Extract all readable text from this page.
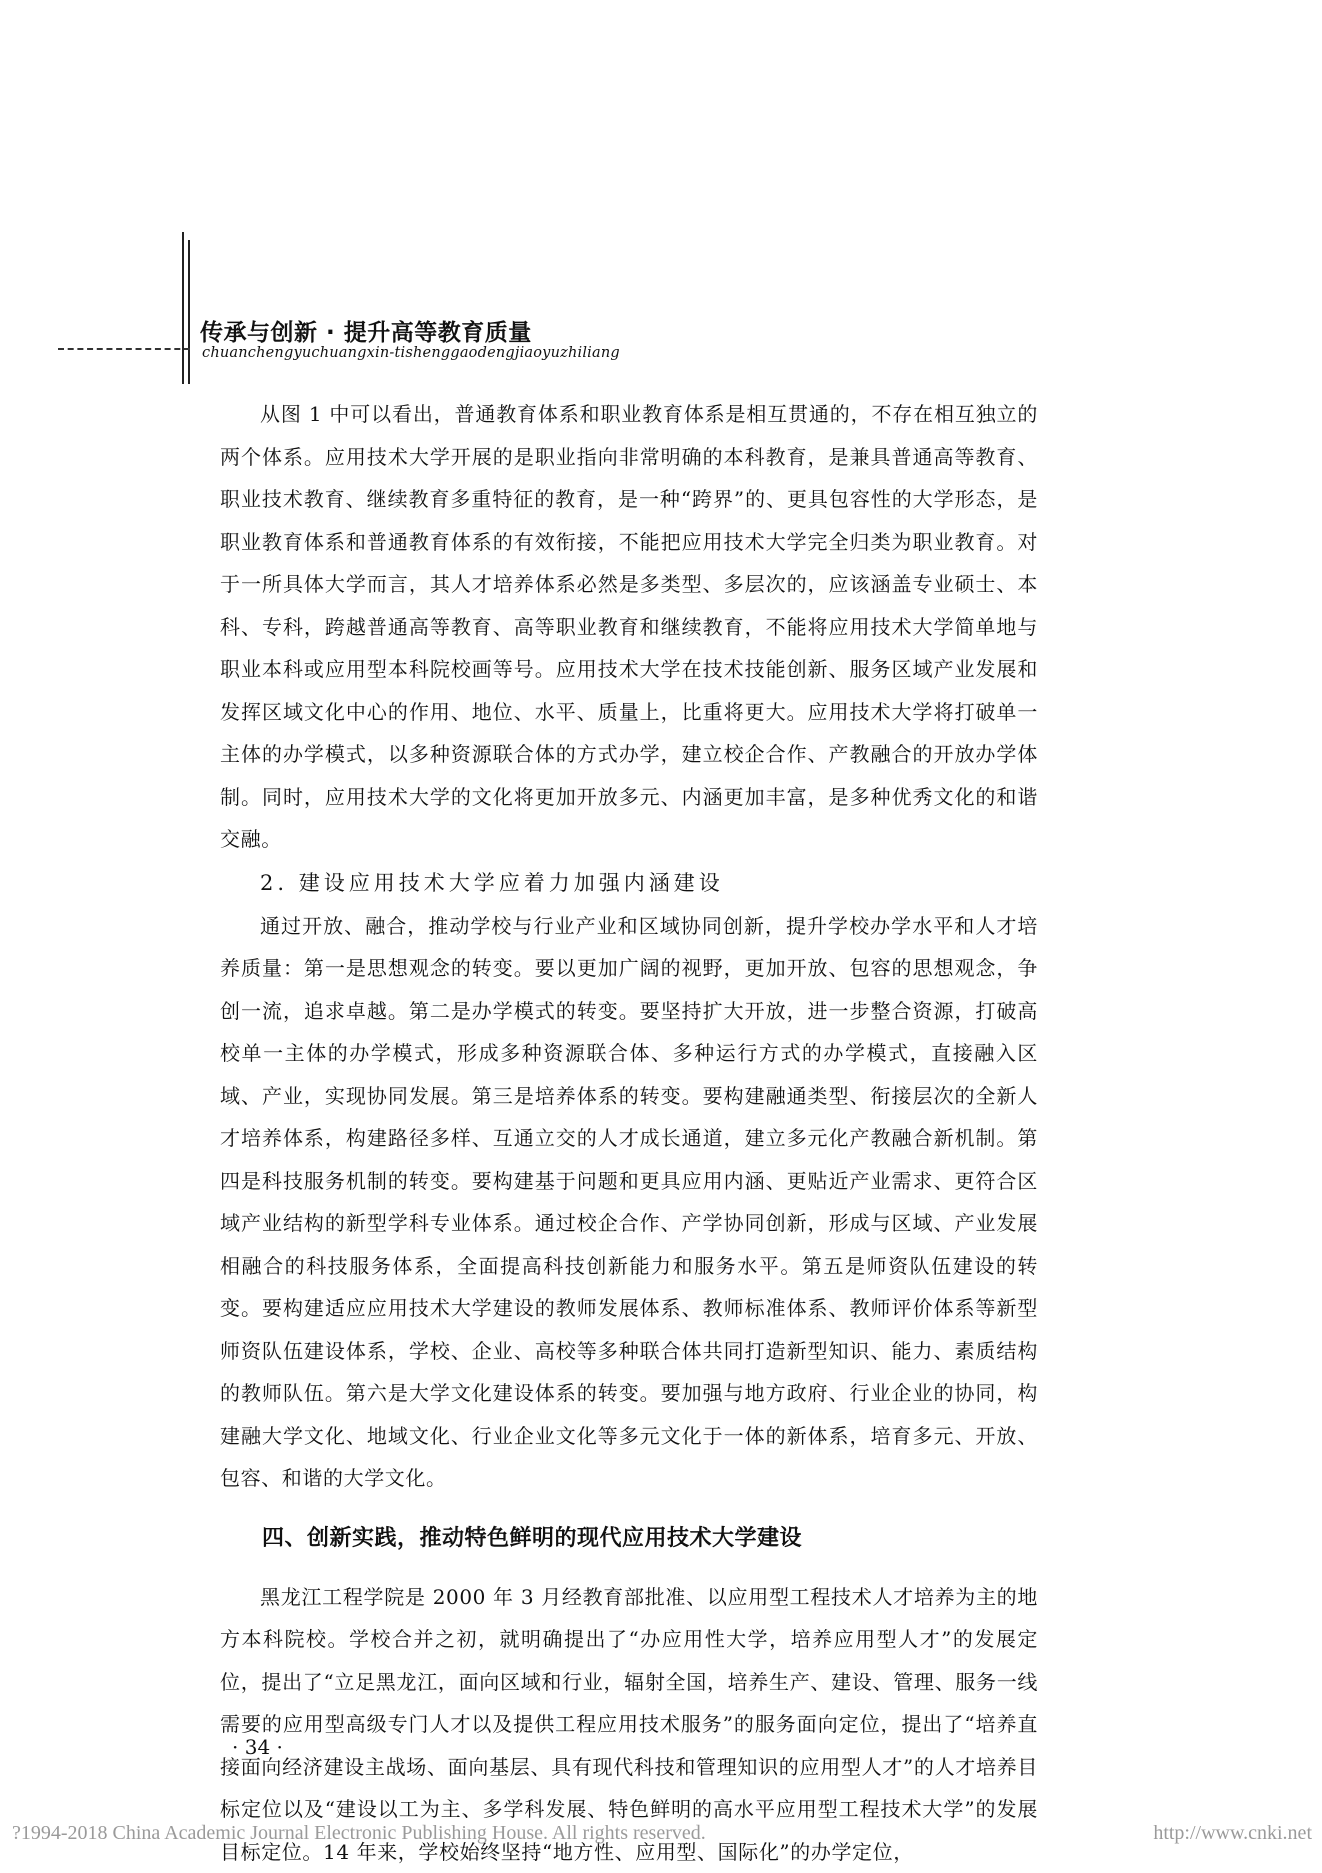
传承与创新 · 提升高等教育质量
chuanchengyuchuangxin-tishenggaodengjiaoyuzhiliang

从图 1 中可以看出，普通教育体系和职业教育体系是相互贯通的，不存在相互独立的两个体系。应用技术大学开展的是职业指向非常明确的本科教育，是兼具普通高等教育、职业技术教育、继续教育多重特征的教育，是一种“跨界”的、更具包容性的大学形态，是职业教育体系和普通教育体系的有效衔接，不能把应用技术大学完全归类为职业教育。对于一所具体大学而言，其人才培养体系必然是多类型、多层次的，应该涵盖专业硕士、本科、专科，跨越普通高等教育、高等职业教育和继续教育，不能将应用技术大学简单地与职业本科或应用型本科院校画等号。应用技术大学在技术技能创新、服务区域产业发展和发挥区域文化中心的作用、地位、水平、质量上，比重将更大。应用技术大学将打破单一主体的办学模式，以多种资源联合体的方式办学，建立校企合作、产教融合的开放办学体制。同时，应用技术大学的文化将更加开放多元、内涵更加丰富，是多种优秀文化的和谐交融。

2. 建设应用技术大学应着力加强内涵建设

通过开放、融合，推动学校与行业产业和区域协同创新，提升学校办学水平和人才培养质量：第一是思想观念的转变。要以更加广阔的视野，更加开放、包容的思想观念，争创一流，追求卓越。第二是办学模式的转变。要坚持扩大开放，进一步整合资源，打破高校单一主体的办学模式，形成多种资源联合体、多种运行方式的办学模式，直接融入区域、产业，实现协同发展。第三是培养体系的转变。要构建融通类型、衔接层次的全新人才培养体系，构建路径多样、互通立交的人才成长通道，建立多元化产教融合新机制。第四是科技服务机制的转变。要构建基于问题和更具应用内涵、更贴近产业需求、更符合区域产业结构的新型学科专业体系。通过校企合作、产学协同创新，形成与区域、产业发展相融合的科技服务体系，全面提高科技创新能力和服务水平。第五是师资队伍建设的转变。要构建适应应用技术大学建设的教师发展体系、教师标准体系、教师评价体系等新型师资队伍建设体系，学校、企业、高校等多种联合体共同打造新型知识、能力、素质结构的教师队伍。第六是大学文化建设体系的转变。要加强与地方政府、行业企业的协同，构建融大学文化、地域文化、行业企业文化等多元文化于一体的新体系，培育多元、开放、包容、和谐的大学文化。

四、创新实践，推动特色鲜明的现代应用技术大学建设

黑龙江工程学院是 2000 年 3 月经教育部批准、以应用型工程技术人才培养为主的地方本科院校。学校合并之初，就明确提出了“办应用性大学，培养应用型人才”的发展定位，提出了“立足黑龙江，面向区域和行业，辐射全国，培养生产、建设、管理、服务一线需要的应用型高级专门人才以及提供工程应用技术服务”的服务面向定位，提出了“培养直接面向经济建设主战场、面向基层、具有现代科技和管理知识的应用型人才”的人才培养目标定位以及“建设以工为主、多学科发展、特色鲜明的高水平应用型工程技术大学”的发展目标定位。14 年来，学校始终坚持“地方性、应用型、国际化”的办学定位，

· 34 ·
?1994-2018 China Academic Journal Electronic Publishing House. All rights reserved.	http://www.cnki.net
